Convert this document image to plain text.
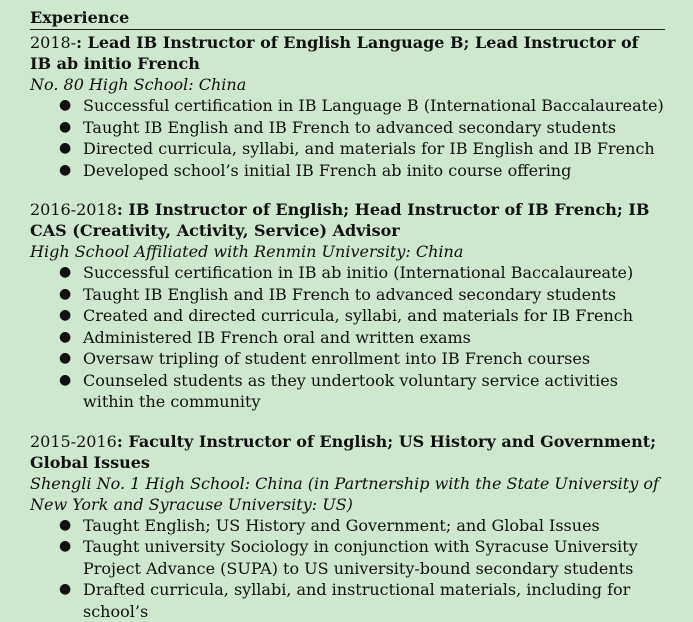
Experience
2018-: Lead IB Instructor of English Language B; Lead Instructor of IB ab initio French
No. 80 High School: China
● Successful certification in IB Language B (International Baccalaureate)
● Taught IB English and IB French to advanced secondary students
● Directed curricula, syllabi, and materials for IB English and IB French
● Developed school’s initial IB French ab inito course offering
2016-2018: IB Instructor of English; Head Instructor of IB French; IB CAS (Creativity, Activity, Service) Advisor
High School Affiliated with Renmin University: China
● Successful certification in IB ab initio (International Baccalaureate)
● Taught IB English and IB French to advanced secondary students
● Created and directed curricula, syllabi, and materials for IB French
● Administered IB French oral and written exams
● Oversaw tripling of student enrollment into IB French courses
● Counseled students as they undertook voluntary service activities within the community
2015-2016: Faculty Instructor of English; US History and Government; Global Issues
Shengli No. 1 High School: China (in Partnership with the State University of New York and Syracuse University: US)
● Taught English; US History and Government; and Global Issues
● Taught university Sociology in conjunction with Syracuse University Project Advance (SUPA) to US university-bound secondary students
● Drafted curricula, syllabi, and instructional materials, including for school’s
